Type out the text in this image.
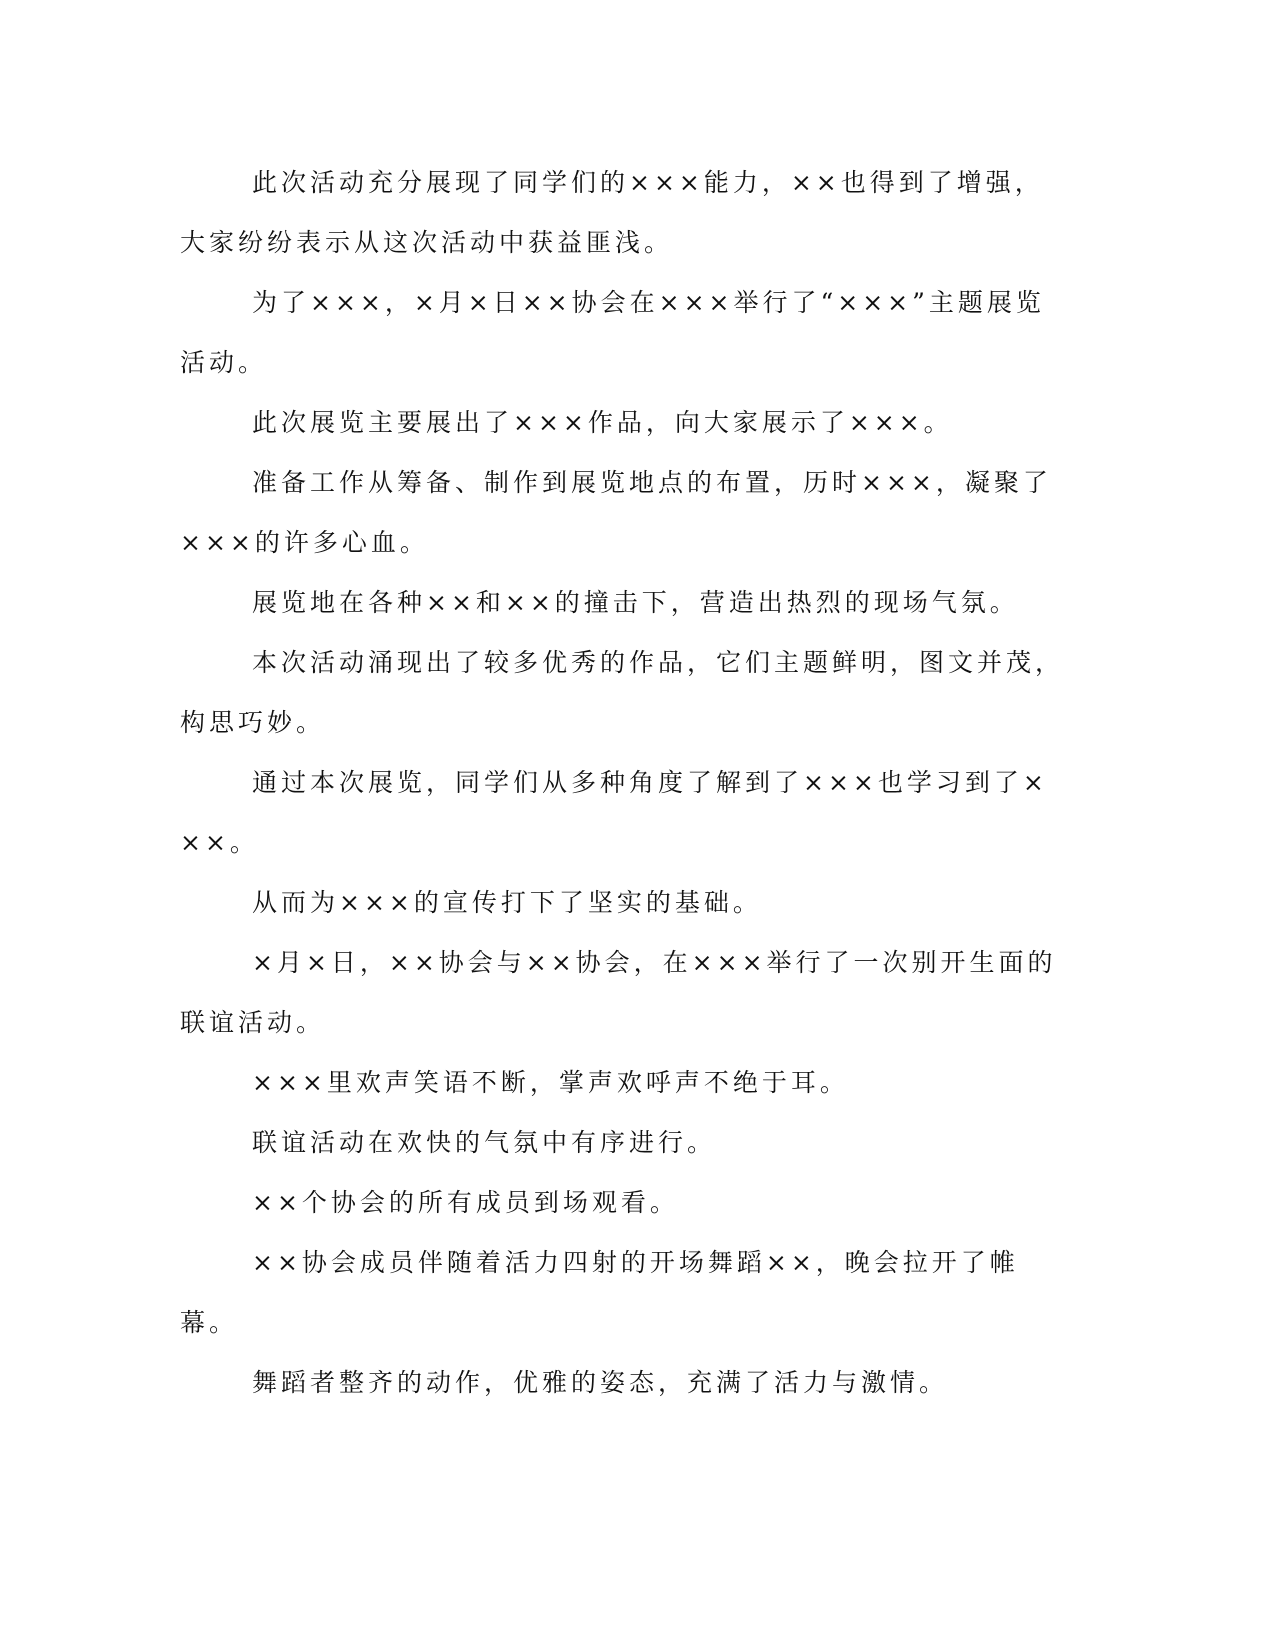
此次活动充分展现了同学们的×××能力，××也得到了增强，大家纷纷表示从这次活动中获益匪浅。

为了×××，×月×日××协会在×××举行了“×××”主题展览活动。

此次展览主要展出了×××作品，向大家展示了×××。

准备工作从筹备、制作到展览地点的布置，历时×××，凝聚了×××的许多心血。

展览地在各种××和××的撞击下，营造出热烈的现场气氛。

本次活动涌现出了较多优秀的作品，它们主题鲜明，图文并茂，构思巧妙。

通过本次展览，同学们从多种角度了解到了×××也学习到了×××。

从而为×××的宣传打下了坚实的基础。

×月×日，××协会与××协会，在×××举行了一次别开生面的联谊活动。

×××里欢声笑语不断，掌声欢呼声不绝于耳。

联谊活动在欢快的气氛中有序进行。

××个协会的所有成员到场观看。

××协会成员伴随着活力四射的开场舞蹈××，晚会拉开了帷幕。

舞蹈者整齐的动作，优雅的姿态，充满了活力与激情。
